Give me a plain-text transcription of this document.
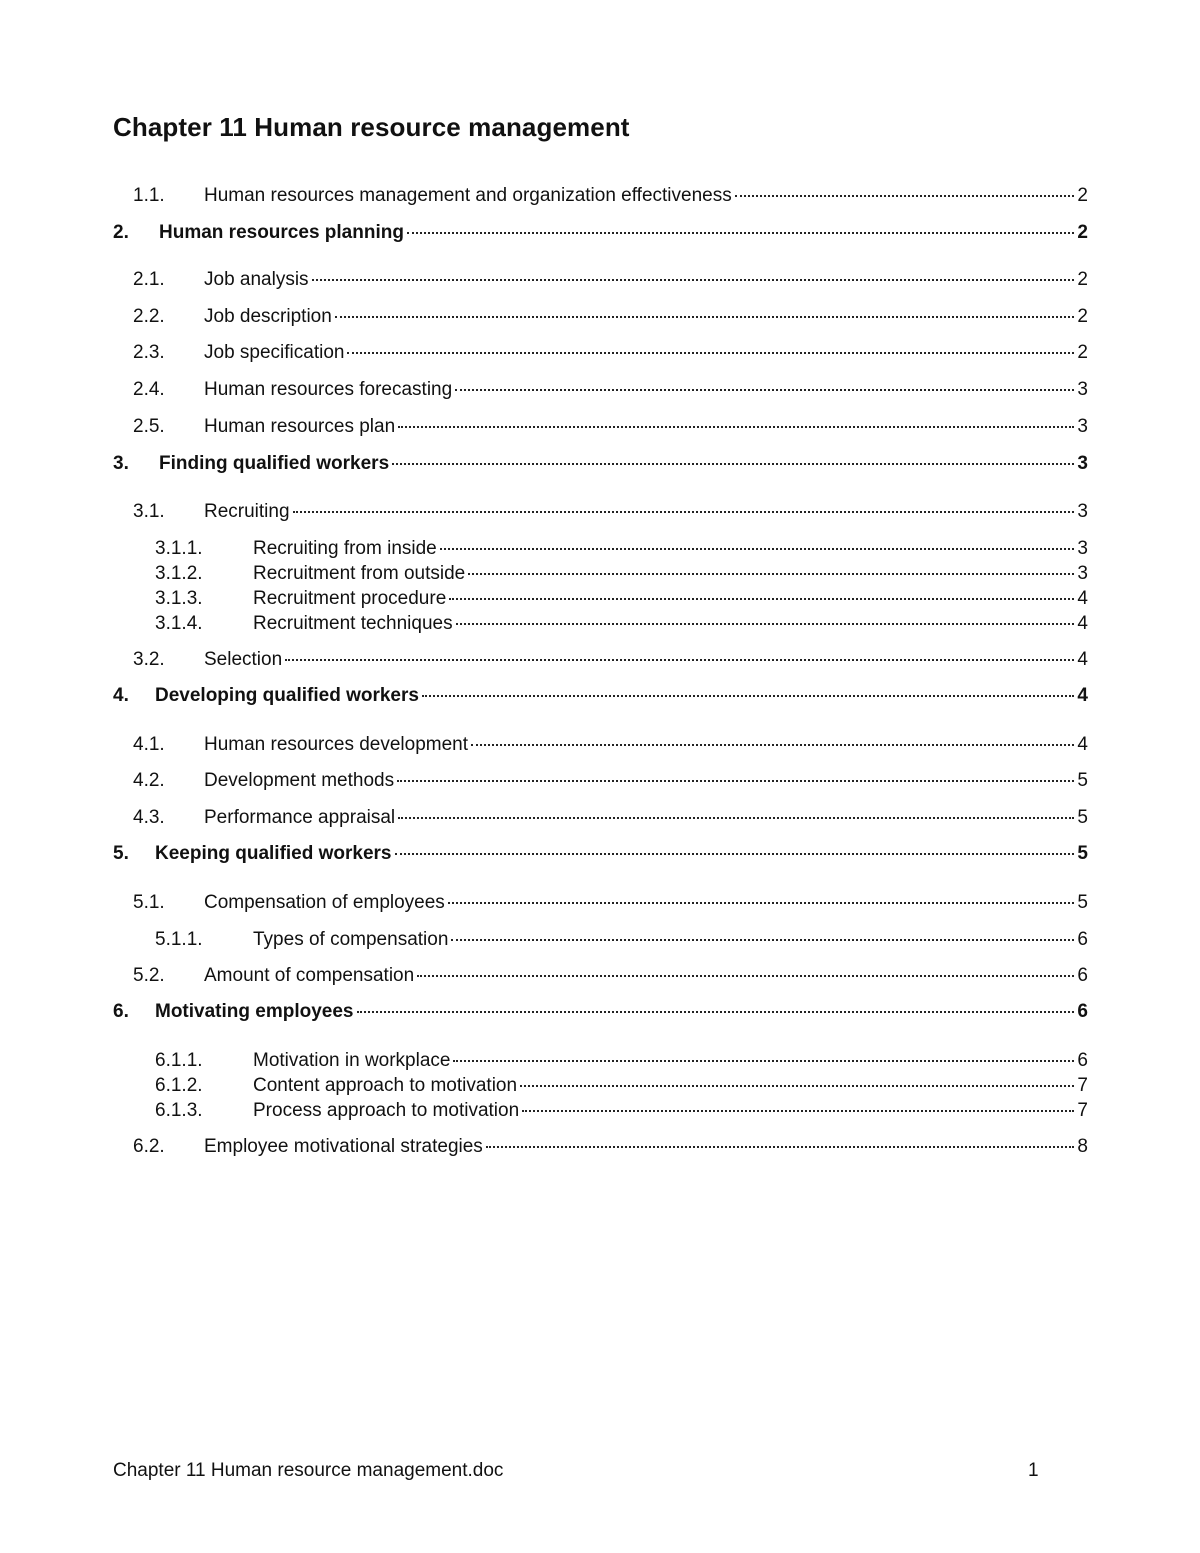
Chapter 11 Human resource management
1.1.	Human resources management and organization effectiveness	2
2.	Human resources planning	2
2.1.	Job analysis	2
2.2.	Job description	2
2.3.	Job specification	2
2.4.	Human resources forecasting	3
2.5.	Human resources plan	3
3.	Finding qualified workers	3
3.1.	Recruiting	3
3.1.1.	Recruiting from inside	3
3.1.2.	Recruitment from outside	3
3.1.3.	Recruitment procedure	4
3.1.4.	Recruitment techniques	4
3.2.	Selection	4
4.	Developing qualified workers	4
4.1.	Human resources development	4
4.2.	Development methods	5
4.3.	Performance appraisal	5
5.	Keeping qualified workers	5
5.1.	Compensation of employees	5
5.1.1.	Types of compensation	6
5.2.	Amount of compensation	6
6.	Motivating employees	6
6.1.1.	Motivation in workplace	6
6.1.2.	Content approach to motivation	7
6.1.3.	Process approach to motivation	7
6.2.	Employee motivational strategies	8
Chapter 11 Human resource management.doc	1
